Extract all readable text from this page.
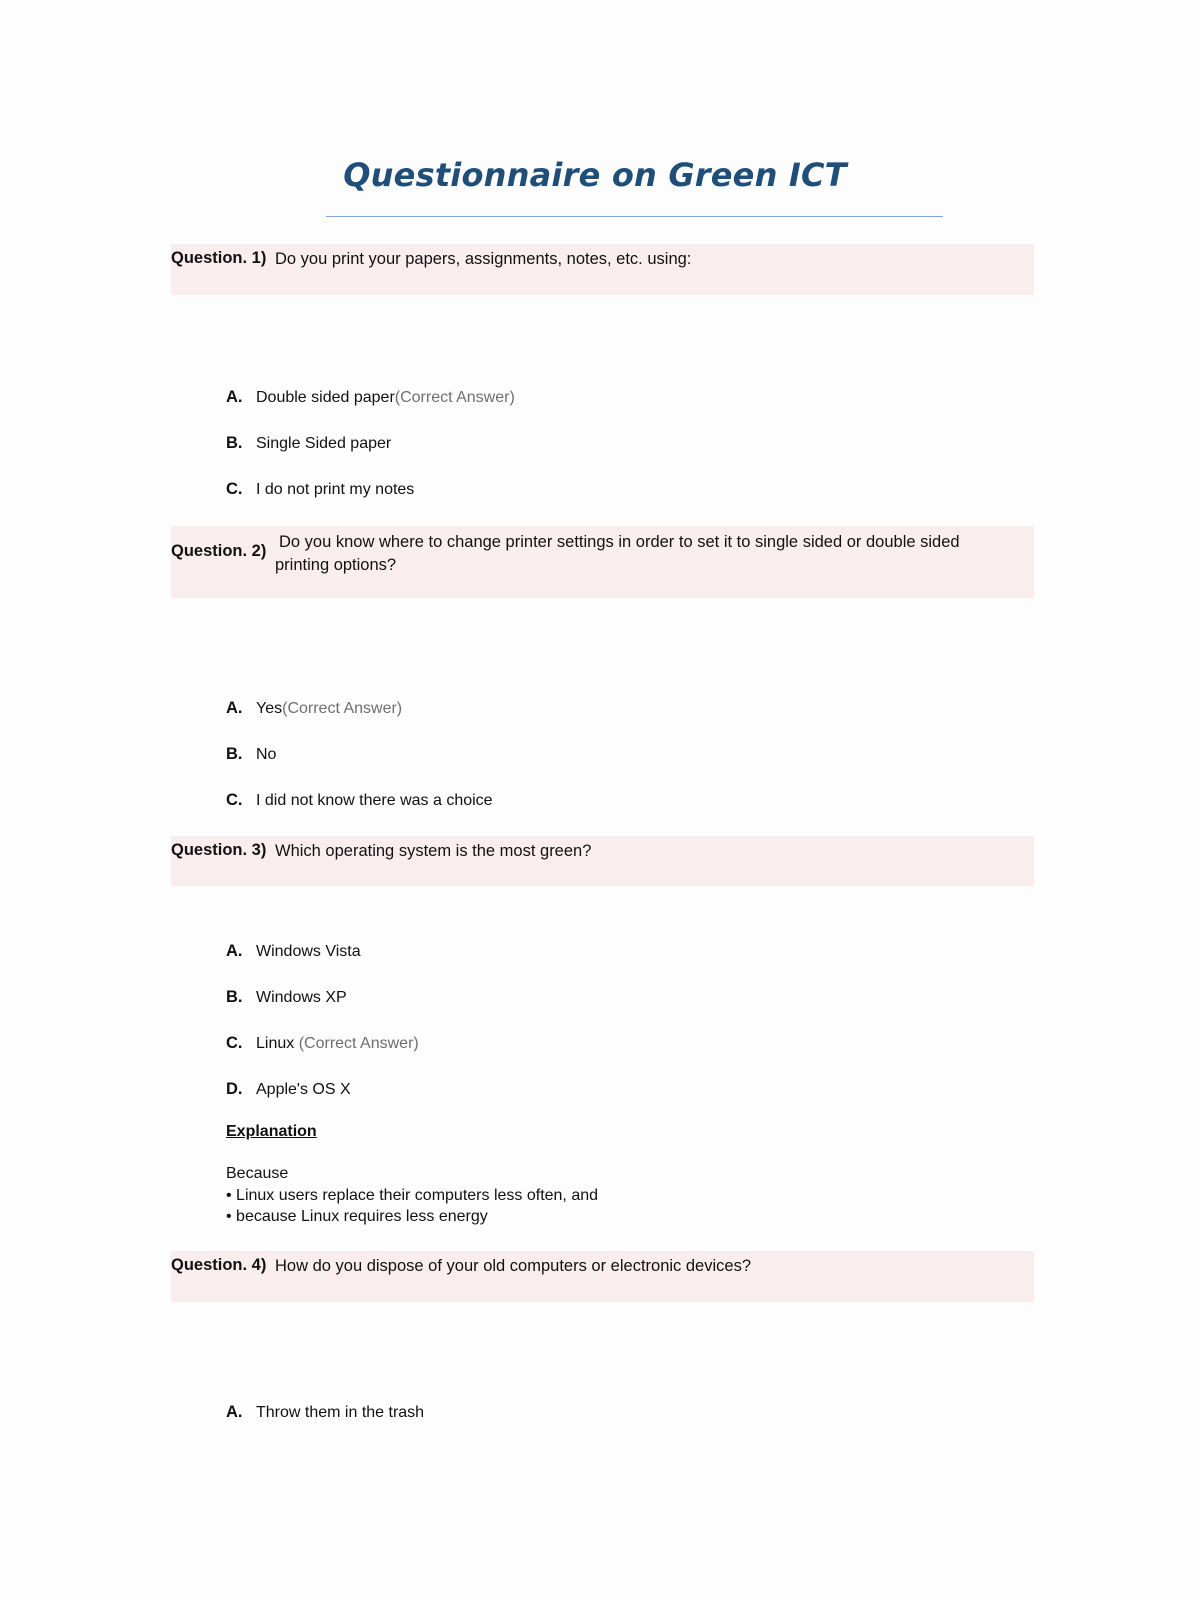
Questionnaire on Green ICT
Question. 1) Do you print your papers, assignments, notes, etc. using:
A. Double sided paper(Correct Answer)
B. Single Sided paper
C. I do not print my notes
Question. 2) Do you know where to change printer settings in order to set it to single sided or double sided
printing options?
A. Yes(Correct Answer)
B. No
C. I did not know there was a choice
Question. 3) Which operating system is the most green?
A. Windows Vista
B. Windows XP
C. Linux (Correct Answer)
D. Apple's OS X
Explanation
Because
• Linux users replace their computers less often, and
• because Linux requires less energy
Question. 4) How do you dispose of your old computers or electronic devices?
A. Throw them in the trash
